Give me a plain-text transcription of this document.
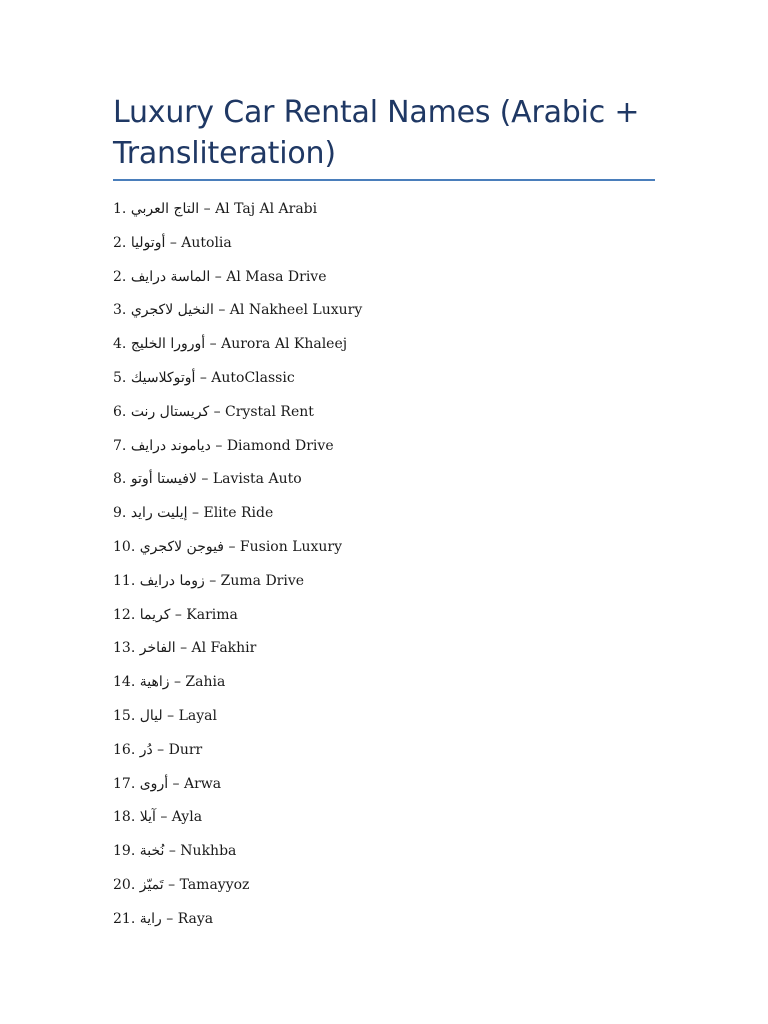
Luxury Car Rental Names (Arabic + Transliteration)
1. التاج العربي – Al Taj Al Arabi
2. أوتوليا – Autolia
2. الماسة درايف – Al Masa Drive
3. النخيل لاكجري – Al Nakheel Luxury
4. أورورا الخليج – Aurora Al Khaleej
5. أوتوكلاسيك – AutoClassic
6. كريستال رنت – Crystal Rent
7. دياموند درايف – Diamond Drive
8. لافيستا أوتو – Lavista Auto
9. إيليت رايد – Elite Ride
10. فيوجن لاكجري – Fusion Luxury
11. زوما درايف – Zuma Drive
12. كريما – Karima
13. الفاخر – Al Fakhir
14. زاهية – Zahia
15. ليال – Layal
16. دُر – Durr
17. أروى – Arwa
18. آيلا – Ayla
19. نُخبة – Nukhba
20. تَميّز – Tamayyoz
21. راية – Raya
